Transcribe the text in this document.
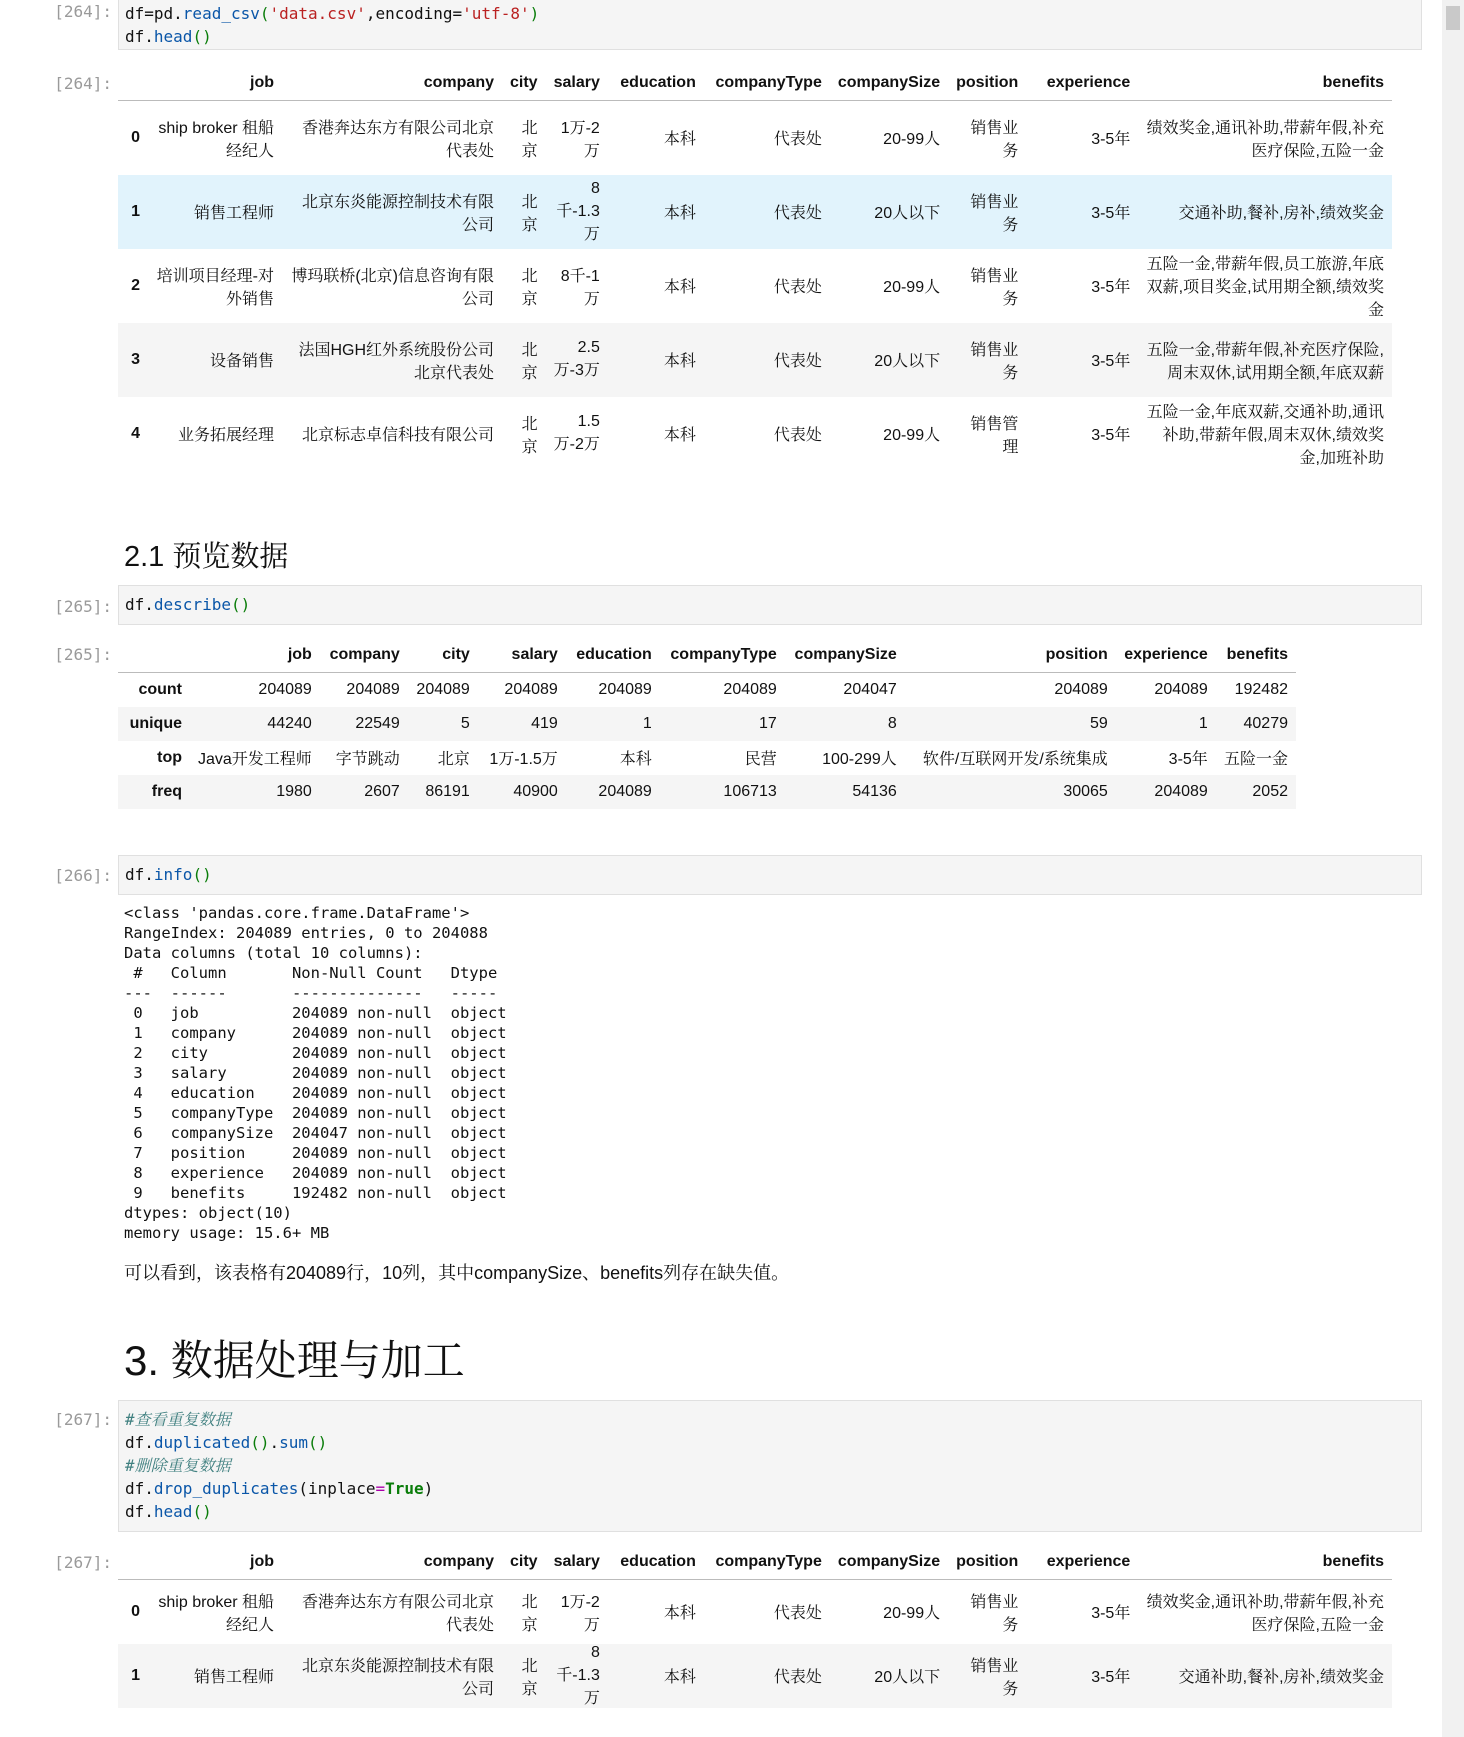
[264]: df=pd.read_csv('data.csv',encoding='utf-8')
df.head()
[264]:
		job	company	city	salary	education	companyType	companySize	position	experience	benefits
0	ship broker 租船经纪人	香港奔达东方有限公司北京代表处	北京	1万-2万	本科	代表处	20-99人	销售业务	3-5年	绩效奖金,通讯补助,带薪年假,补充医疗保险,五险一金
1	销售工程师	北京东炎能源控制技术有限公司	北京	8千-1.3万	本科	代表处	20人以下	销售业务	3-5年	交通补助,餐补,房补,绩效奖金
2	培训项目经理-对外销售	博玛联桥(北京)信息咨询有限公司	北京	8千-1万	本科	代表处	20-99人	销售业务	3-5年	五险一金,带薪年假,员工旅游,年底双薪,项目奖金,试用期全额,绩效奖金
3	设备销售	法国HGH红外系统股份公司北京代表处	北京	2.5万-3万	本科	代表处	20人以下	销售业务	3-5年	五险一金,带薪年假,补充医疗保险,周末双休,试用期全额,年底双薪
4	业务拓展经理	北京标志卓信科技有限公司	北京	1.5万-2万	本科	代表处	20-99人	销售管理	3-5年	五险一金,年底双薪,交通补助,通讯补助,带薪年假,周末双休,绩效奖金,加班补助
2.1 预览数据
[265]: df.describe()
[265]:
		job	company	city	salary	education	companyType	companySize	position	experience	benefits
count	204089	204089	204089	204089	204089	204089	204047	204089	204089	192482
unique	44240	22549	5	419	1	17	8	59	1	40279
top	Java开发工程师	字节跳动	北京	1万-1.5万	本科	民营	100-299人	软件/互联网开发/系统集成	3-5年	五险一金
freq	1980	2607	86191	40900	204089	106713	54136	30065	204089	2052
[266]: df.info()
<class 'pandas.core.frame.DataFrame'>
RangeIndex: 204089 entries, 0 to 204088
Data columns (total 10 columns):
#   Column       Non-Null Count   Dtype
---  ------       --------------   -----
0   job          204089 non-null  object
1   company      204089 non-null  object
2   city         204089 non-null  object
3   salary       204089 non-null  object
4   education    204089 non-null  object
5   companyType  204089 non-null  object
6   companySize  204047 non-null  object
7   position     204089 non-null  object
8   experience   204089 non-null  object
9   benefits     192482 non-null  object
dtypes: object(10)
memory usage: 15.6+ MB
可以看到，该表格有204089行，10列，其中companySize、benefits列存在缺失值。
3. 数据处理与加工
[267]: #查看重复数据
df.duplicated().sum()
#删除重复数据
df.drop_duplicates(inplace=True)
df.head()
[267]:
		job	company	city	salary	education	companyType	companySize	position	experience	benefits
0	ship broker 租船经纪人	香港奔达东方有限公司北京代表处	北京	1万-2万	本科	代表处	20-99人	销售业务	3-5年	绩效奖金,通讯补助,带薪年假,补充医疗保险,五险一金
1	销售工程师	北京东炎能源控制技术有限公司	北京	8千-1.3万	本科	代表处	20人以下	销售业务	3-5年	交通补助,餐补,房补,绩效奖金
